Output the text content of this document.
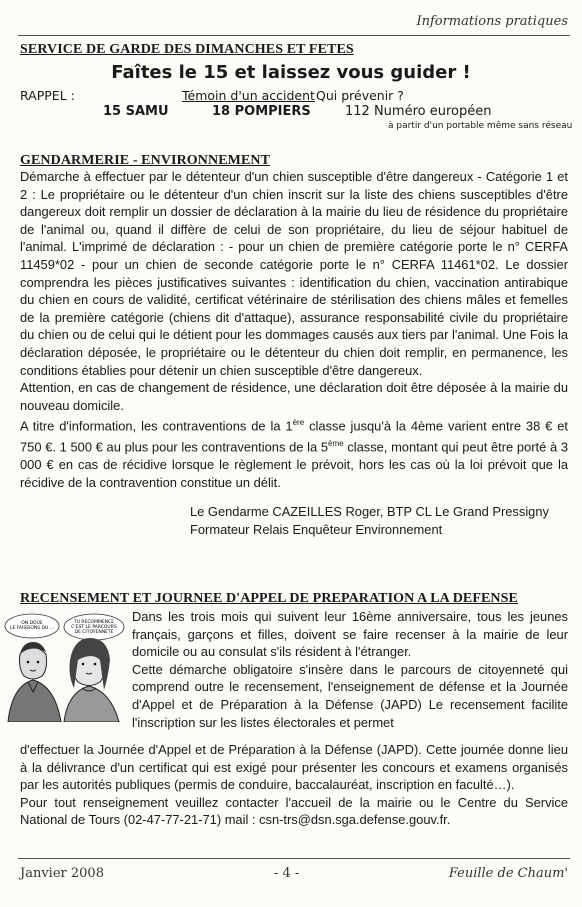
Informations pratiques
SERVICE DE GARDE DES DIMANCHES ET FETES
Faîtes le 15 et laissez vous guider !
RAPPEL :	Témoin d'un accident Qui prévenir ?
15 SAMU	18 POMPIERS	112 Numéro européen
à partir d'un portable même sans réseau
GENDARMERIE - ENVIRONNEMENT

Démarche à effectuer par le détenteur d'un chien susceptible d'être dangereux - Catégorie 1 et 2 : Le propriétaire ou le détenteur d'un chien inscrit sur la liste des chiens susceptibles d'être dangereux doit remplir un dossier de déclaration à la mairie du lieu de résidence du propriétaire de l'animal ou, quand il diffère de celui de son propriétaire, du lieu de séjour habituel de l'animal. L'imprimé de déclaration : - pour un chien de première catégorie porte le n° CERFA 11459*02 - pour un chien de seconde catégorie porte le n° CERFA 11461*02. Le dossier comprendra les pièces justificatives suivantes : identification du chien, vaccination antirabique du chien en cours de validité, certificat vétérinaire de stérilisation des chiens mâles et femelles de la première catégorie (chiens dit d'attaque), assurance responsabilité civile du propriétaire du chien ou de celui qui le détient pour les dommages causés aux tiers par l'animal. Une Fois la déclaration déposée, le propriétaire ou le détenteur du chien doit remplir, en permanence, les conditions établies pour détenir un chien susceptible d'être dangereux.

Attention, en cas de changement de résidence, une déclaration doit être déposée à la mairie du nouveau domicile.

A titre d'information, les contraventions de la 1ère classe jusqu'à la 4ème varient entre 38 € et 750 €. 1 500 € au plus pour les contraventions de la 5ème classe, montant qui peut être porté à 3 000 € en cas de récidive lorsque le règlement le prévoit, hors les cas où la loi prévoit que la récidive de la contravention constitue un délit.

Le Gendarme CAZEILLES Roger, BTP CL Le Grand Pressigny
Formateur Relais Enquêteur Environnement
RECENSEMENT ET JOURNEE D'APPEL DE PREPARATION A LA DEFENSE
ON DOUE LE FAISSIONS DU ...
TU RECOMMENCE C'EST LE PARCOURS DE CITOYENNETÉ

Dans les trois mois qui suivent leur 16ème anniversaire, tous les jeunes français, garçons et filles, doivent se faire recenser à la mairie de leur domicile ou au consulat s'ils résident à l'étranger.

Cette démarche obligatoire s'insère dans le parcours de citoyenneté qui comprend outre le recensement, l'enseignement de défense et la Journée d'Appel et de Préparation à la Défense (JAPD) Le recensement facilite l'inscription sur les listes électorales et permet

d'effectuer la Journée d'Appel et de Préparation à la Défense (JAPD). Cette journée donne lieu à la délivrance d'un certificat qui est exigé pour présenter les concours et examens organisés par les autorités publiques (permis de conduire, baccalauréat, inscription en faculté…).

Pour tout renseignement veuillez contacter l'accueil de la mairie ou le Centre du Service National de Tours (02-47-77-21-71) mail : csn-trs@dsn.sga.defense.gouv.fr.

Janvier 2008	- 4 -	Feuille de Chaum'
